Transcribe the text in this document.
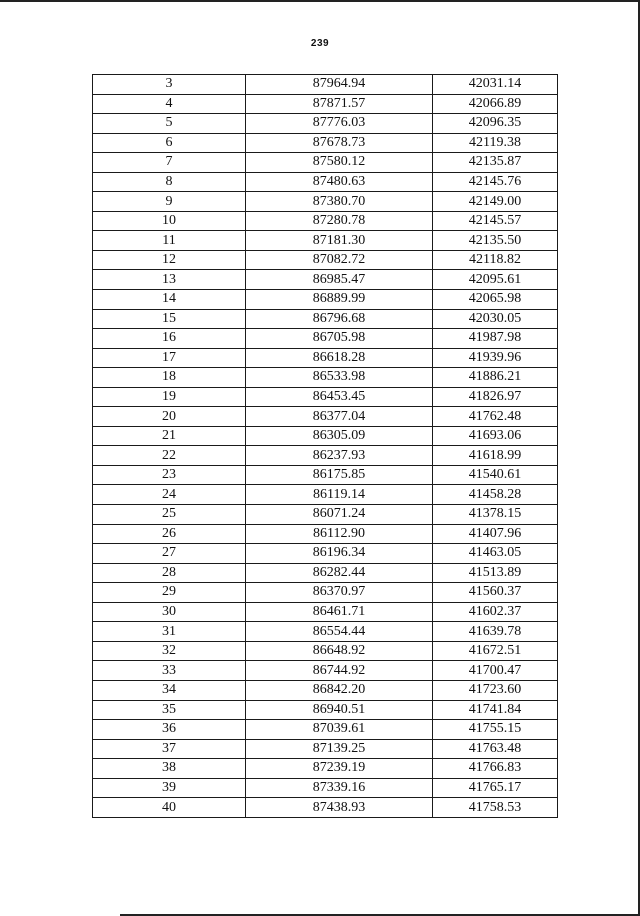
239
3	87964.94	42031.14
4	87871.57	42066.89
5	87776.03	42096.35
6	87678.73	42119.38
7	87580.12	42135.87
8	87480.63	42145.76
9	87380.70	42149.00
10	87280.78	42145.57
11	87181.30	42135.50
12	87082.72	42118.82
13	86985.47	42095.61
14	86889.99	42065.98
15	86796.68	42030.05
16	86705.98	41987.98
17	86618.28	41939.96
18	86533.98	41886.21
19	86453.45	41826.97
20	86377.04	41762.48
21	86305.09	41693.06
22	86237.93	41618.99
23	86175.85	41540.61
24	86119.14	41458.28
25	86071.24	41378.15
26	86112.90	41407.96
27	86196.34	41463.05
28	86282.44	41513.89
29	86370.97	41560.37
30	86461.71	41602.37
31	86554.44	41639.78
32	86648.92	41672.51
33	86744.92	41700.47
34	86842.20	41723.60
35	86940.51	41741.84
36	87039.61	41755.15
37	87139.25	41763.48
38	87239.19	41766.83
39	87339.16	41765.17
40	87438.93	41758.53
